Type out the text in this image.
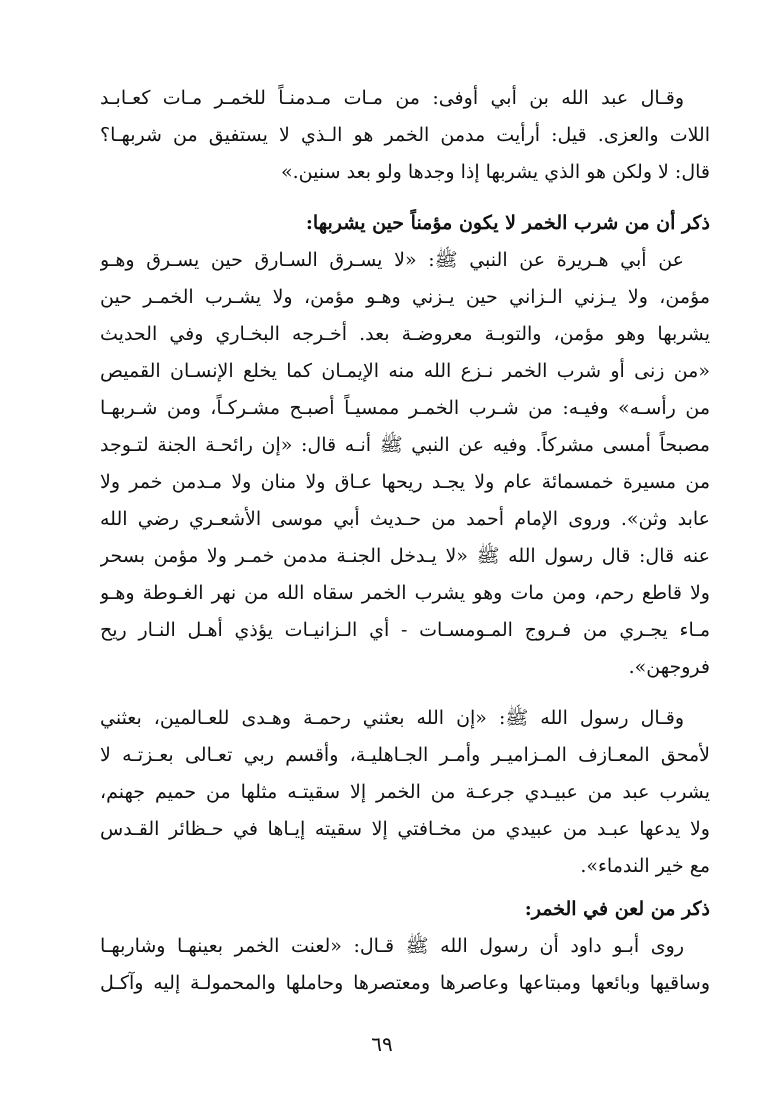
وقـال عبد الله بن أبي أوفى: من مـات مـدمنـاً للخمـر مـات كعـابـد
اللات والعزى. قيل: أرأيت مدمن الخمر هو الـذي لا يستفيق من شربهـا؟
قال: لا ولكن هو الذي يشربها إذا وجدها ولو بعد سنين.»
ذكر أن من شرب الخمر لا يكون مؤمناً حين يشربها:
عن أبي هـريرة عن النبي ﷺ: «لا يسـرق السـارق حين يسـرق وهـو
مؤمن، ولا يـزني الـزاني حين يـزني وهـو مؤمن، ولا يشـرب الخمـر حين
يشربها وهو مؤمن، والتوبـة معروضـة بعد. أخـرجه البخـاري وفي الحديث
«من زنى أو شرب الخمر نـزع الله منه الإيمـان كما يخلع الإنسـان القميص
من رأسـه» وفيـه: من شـرب الخمـر ممسيـاً أصبـح مشـركـاً، ومن شـربهـا
مصبحاً أمسى مشركاً. وفيه عن النبي ﷺ أنـه قال: «إن رائحـة الجنة لتـوجد
من مسيرة خمسمائة عام ولا يجـد ريحها عـاق ولا منان ولا مـدمن خمر ولا
عابد وثن». وروى الإمام أحمد من حـديث أبي موسى الأشعـري رضي الله
عنه قال: قال رسول الله ﷺ «لا يـدخل الجنـة مدمن خمـر ولا مؤمن بسحر
ولا قاطع رحم، ومن مات وهو يشرب الخمر سقاه الله من نهر الغـوطة وهـو
مـاء يجـري من فـروج المـومسـات - أي الـزانيـات يؤذي أهـل النـار ريح
فروجهن».
وقـال رسول الله ﷺ: «إن الله بعثني رحمـة وهـدى للعـالمين، بعثني
لأمحق المعـازف المـزاميـر وأمـر الجـاهليـة، وأقسم ربي تعـالى بعـزتـه لا
يشرب عبد من عبيـدي جرعـة من الخمر إلا سقيتـه مثلها من حميم جهنم،
ولا يدعها عبـد من عبيدي من مخـافتي إلا سقيته إيـاها في حـظائر القـدس
مع خير الندماء».
ذكر من لعن في الخمر:
روى أبـو داود أن رسول الله ﷺ قـال: «لعنت الخمر بعينهـا وشاربهـا
وساقيها وبائعها ومبتاعها وعاصرها ومعتصرها وحاملها والمحمولـة إليه وآكـل
٦٩
